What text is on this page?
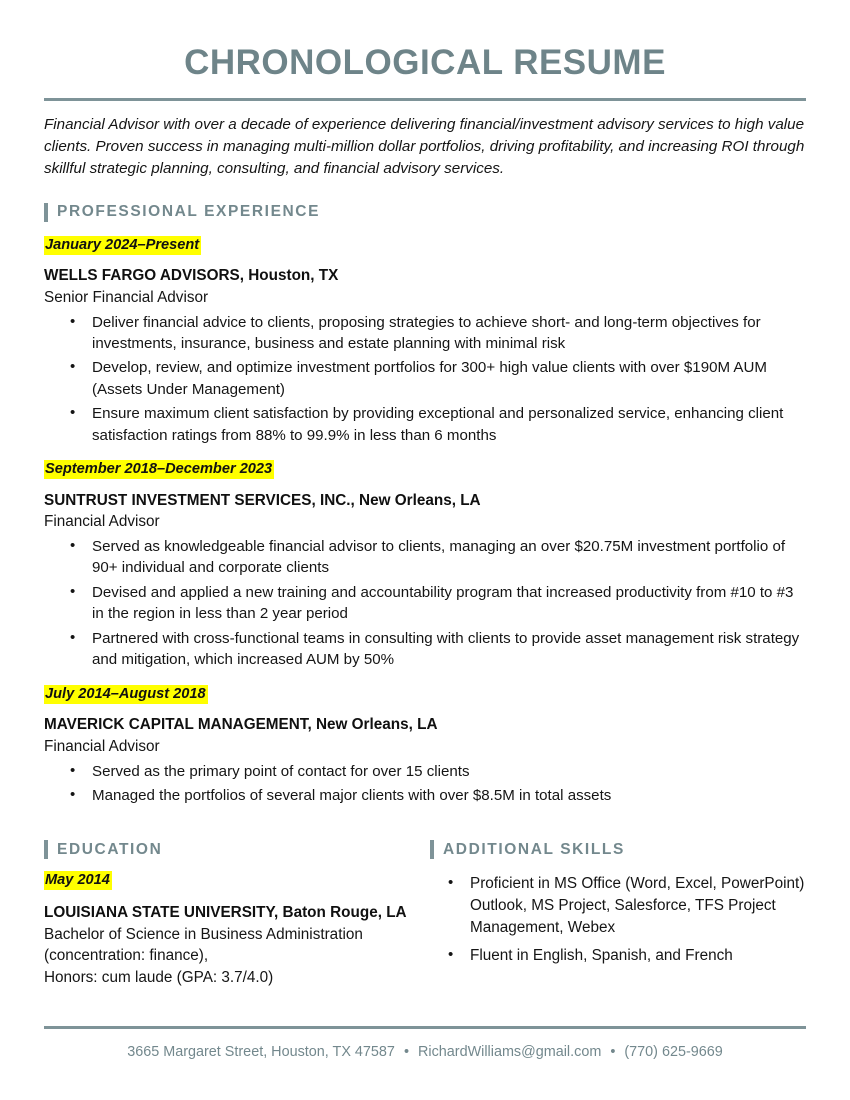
CHRONOLOGICAL RESUME
Financial Advisor with over a decade of experience delivering financial/investment advisory services to high value clients. Proven success in managing multi-million dollar portfolios, driving profitability, and increasing ROI through skillful strategic planning, consulting, and financial advisory services.
PROFESSIONAL EXPERIENCE
January 2024–Present
WELLS FARGO ADVISORS, Houston, TX
Senior Financial Advisor
• Deliver financial advice to clients, proposing strategies to achieve short- and long-term objectives for investments, insurance, business and estate planning with minimal risk
• Develop, review, and optimize investment portfolios for 300+ high value clients with over $190M AUM (Assets Under Management)
• Ensure maximum client satisfaction by providing exceptional and personalized service, enhancing client satisfaction ratings from 88% to 99.9% in less than 6 months
September 2018–December 2023
SUNTRUST INVESTMENT SERVICES, INC., New Orleans, LA
Financial Advisor
• Served as knowledgeable financial advisor to clients, managing an over $20.75M investment portfolio of 90+ individual and corporate clients
• Devised and applied a new training and accountability program that increased productivity from #10 to #3 in the region in less than 2 year period
• Partnered with cross-functional teams in consulting with clients to provide asset management risk strategy and mitigation, which increased AUM by 50%
July 2014–August 2018
MAVERICK CAPITAL MANAGEMENT, New Orleans, LA
Financial Advisor
• Served as the primary point of contact for over 15 clients
• Managed the portfolios of several major clients with over $8.5M in total assets
EDUCATION
May 2014
LOUISIANA STATE UNIVERSITY, Baton Rouge, LA
Bachelor of Science in Business Administration
(concentration: finance),
Honors: cum laude (GPA: 3.7/4.0)
ADDITIONAL SKILLS
• Proficient in MS Office (Word, Excel, PowerPoint) Outlook, MS Project, Salesforce, TFS Project Management, Webex
• Fluent in English, Spanish, and French
3665 Margaret Street, Houston, TX 47587 • RichardWilliams@gmail.com • (770) 625-9669
